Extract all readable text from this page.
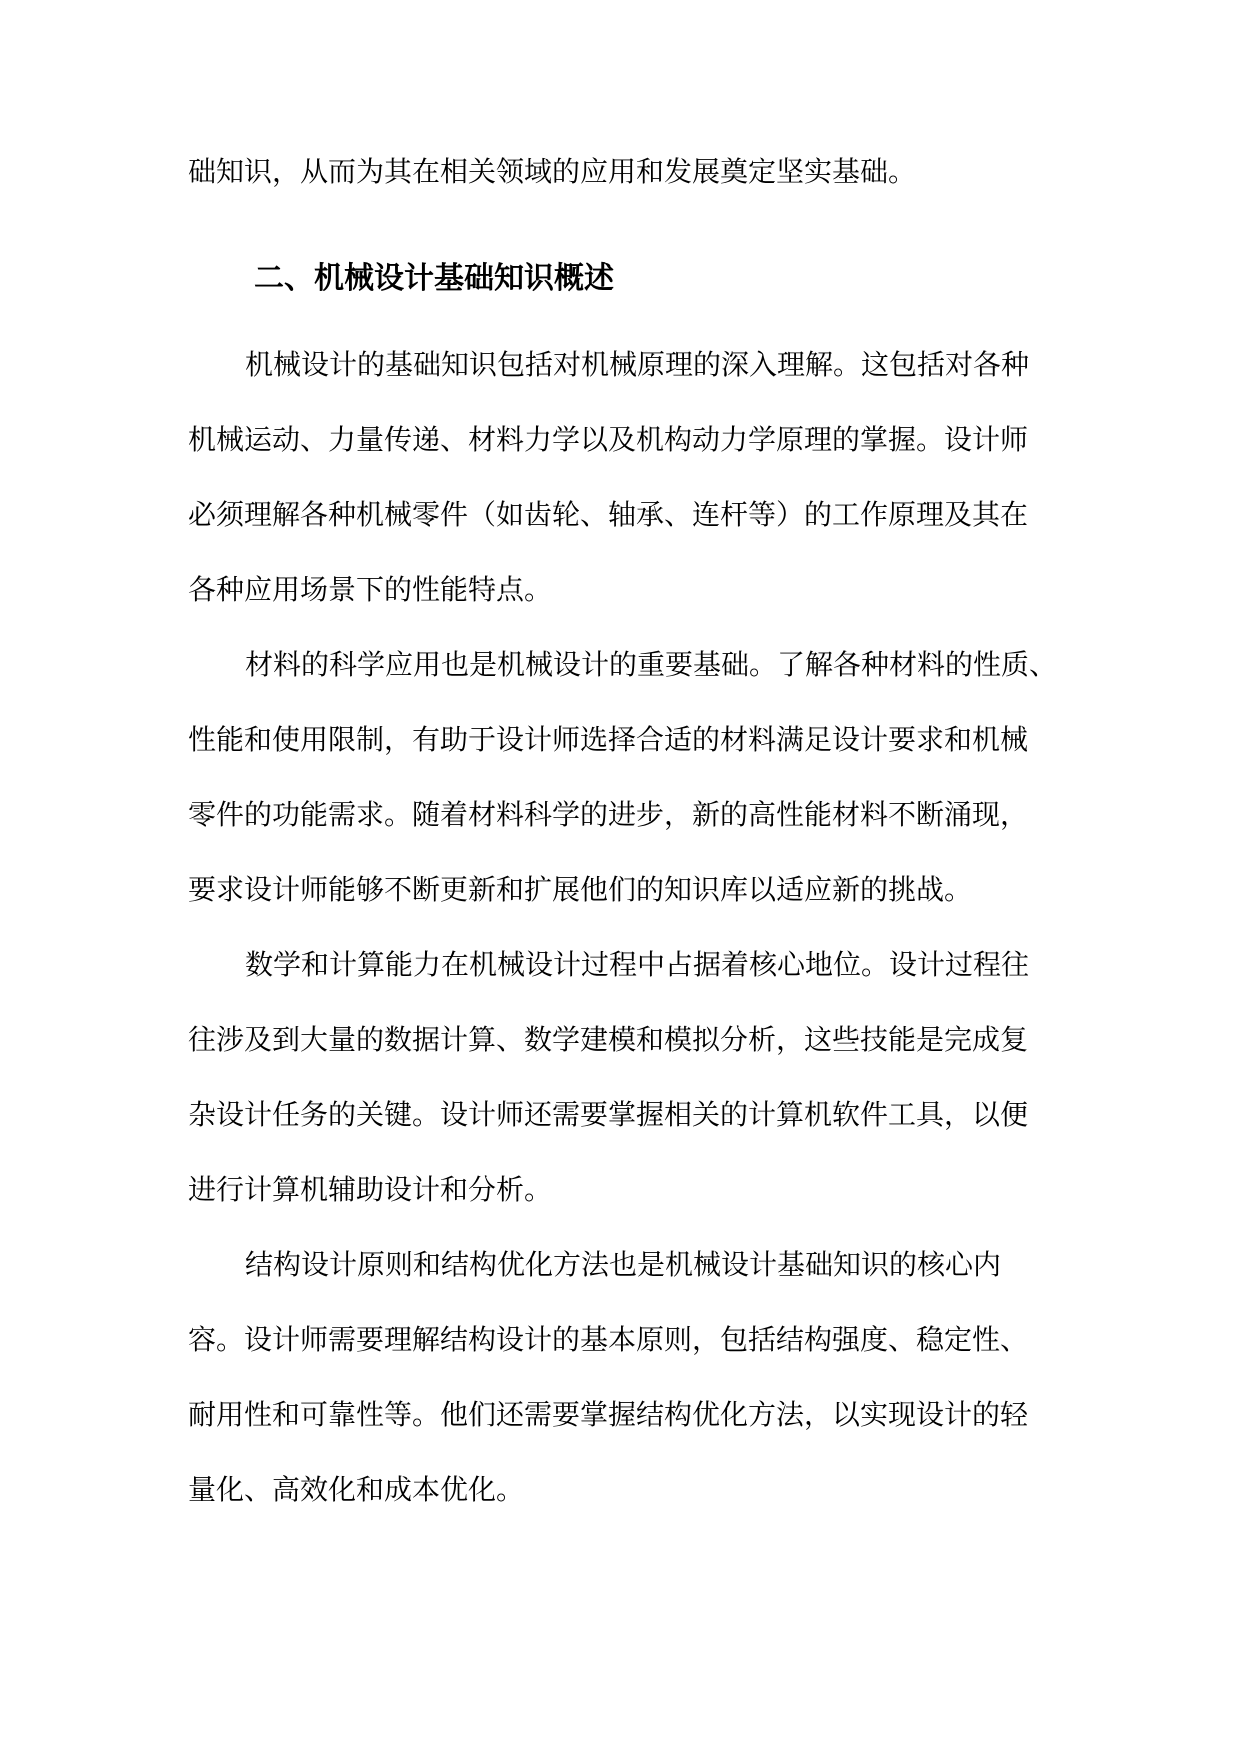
础知识，从而为其在相关领域的应用和发展奠定坚实基础。
二、机械设计基础知识概述
机械设计的基础知识包括对机械原理的深入理解。这包括对各种
机械运动、力量传递、材料力学以及机构动力学原理的掌握。设计师
必须理解各种机械零件（如齿轮、轴承、连杆等）的工作原理及其在
各种应用场景下的性能特点。
材料的科学应用也是机械设计的重要基础。了解各种材料的性质、
性能和使用限制，有助于设计师选择合适的材料满足设计要求和机械
零件的功能需求。随着材料科学的进步，新的高性能材料不断涌现，
要求设计师能够不断更新和扩展他们的知识库以适应新的挑战。
数学和计算能力在机械设计过程中占据着核心地位。设计过程往
往涉及到大量的数据计算、数学建模和模拟分析，这些技能是完成复
杂设计任务的关键。设计师还需要掌握相关的计算机软件工具，以便
进行计算机辅助设计和分析。
结构设计原则和结构优化方法也是机械设计基础知识的核心内
容。设计师需要理解结构设计的基本原则，包括结构强度、稳定性、
耐用性和可靠性等。他们还需要掌握结构优化方法，以实现设计的轻
量化、高效化和成本优化。
